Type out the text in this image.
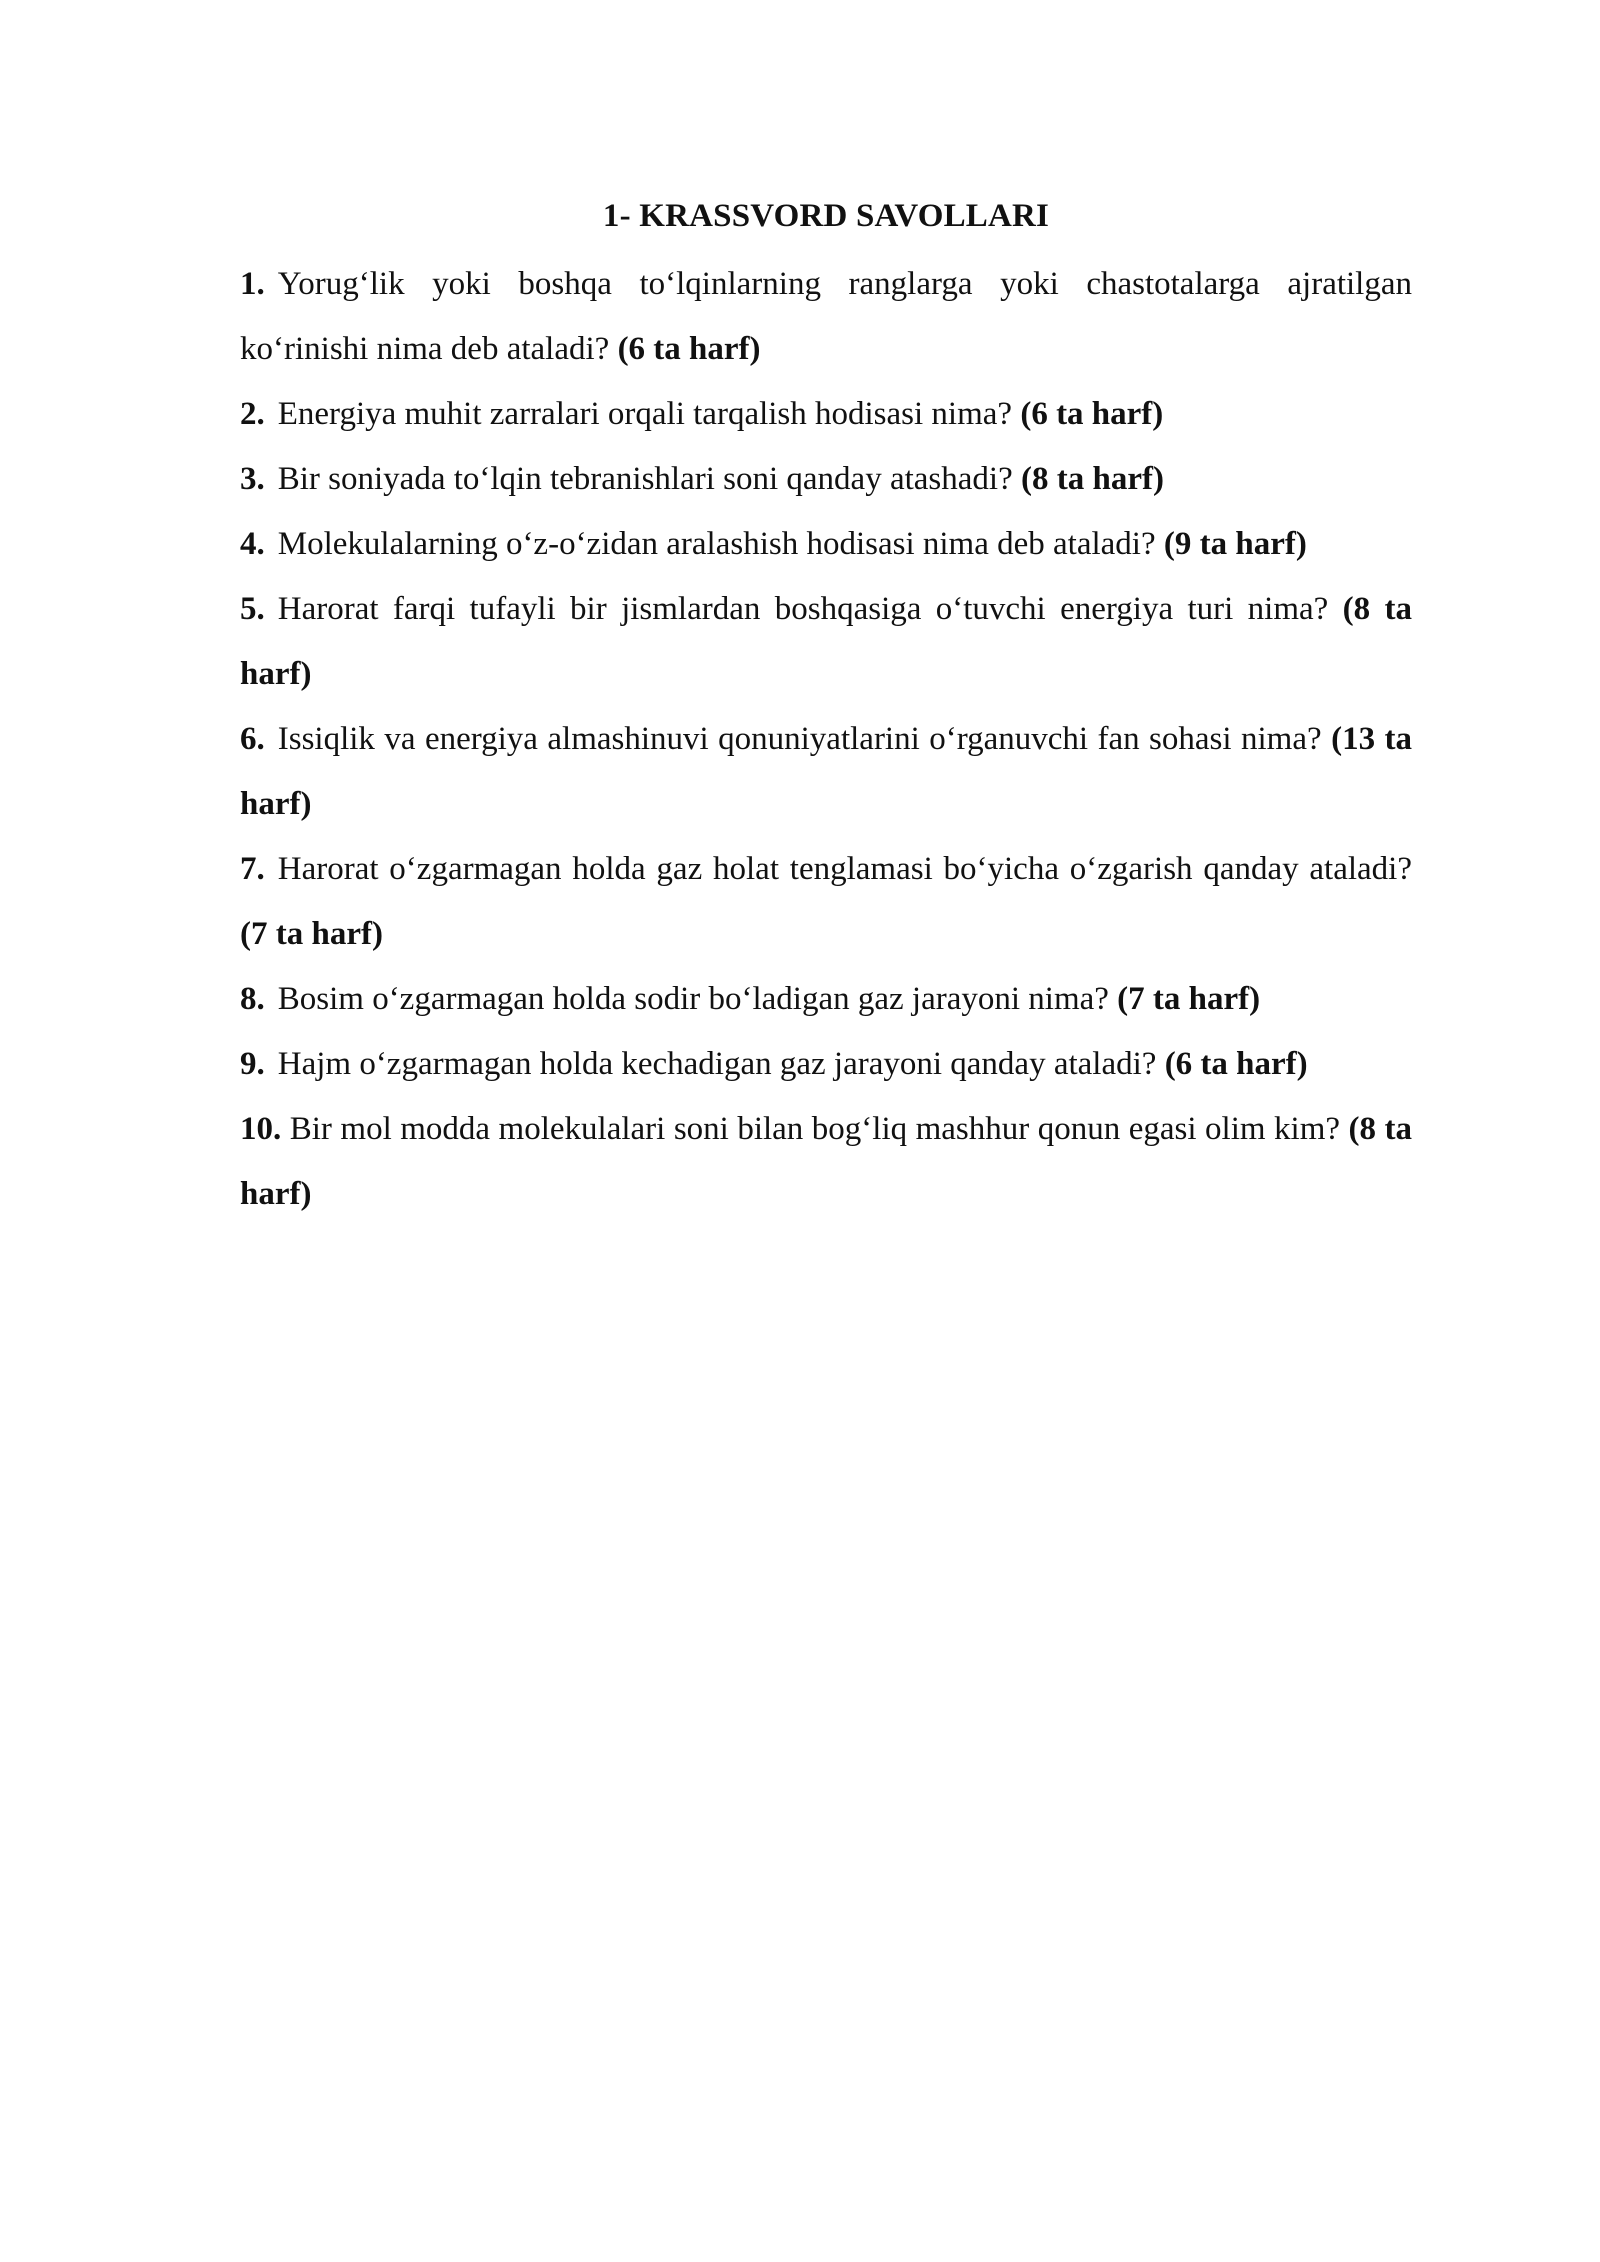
1- KRASSVORD SAVOLLARI

1. Yorug‘lik yoki boshqa to‘lqinlarning ranglarga yoki chastotalarga ajratilgan ko‘rinishi nima deb ataladi? (6 ta harf)

2. Energiya muhit zarralari orqali tarqalish hodisasi nima? (6 ta harf)

3. Bir soniyada to‘lqin tebranishlari soni qanday atashadi? (8 ta harf)

4. Molekulalarning o‘z-o‘zidan aralashish hodisasi nima deb ataladi? (9 ta harf)

5. Harorat farqi tufayli bir jismlardan boshqasiga o‘tuvchi energiya turi nima? (8 ta harf)

6. Issiqlik va energiya almashinuvi qonuniyatlarini o‘rganuvchi fan sohasi nima? (13 ta harf)

7. Harorat o‘zgarmagan holda gaz holat tenglamasi bo‘yicha o‘zgarish qanday ataladi? (7 ta harf)

8. Bosim o‘zgarmagan holda sodir bo‘ladigan gaz jarayoni nima? (7 ta harf)

9. Hajm o‘zgarmagan holda kechadigan gaz jarayoni qanday ataladi? (6 ta harf)

10. Bir mol modda molekulalari soni bilan bog‘liq mashhur qonun egasi olim kim? (8 ta harf)
